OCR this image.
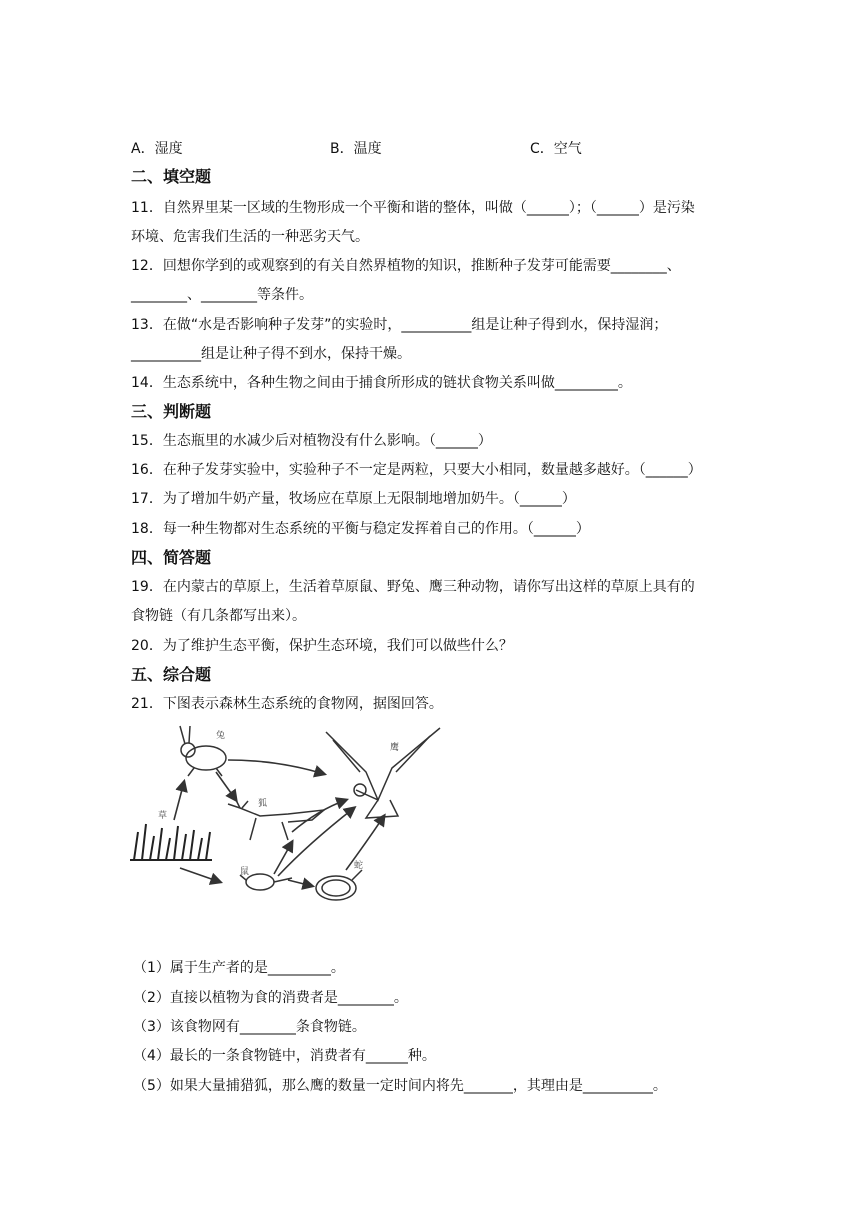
A．湿度	B．温度	C．空气
二、填空题
11．自然界里某一区域的生物形成一个平衡和谐的整体，叫做（______）；（______）是污染
环境、危害我们生活的一种恶劣天气。
12．回想你学到的或观察到的有关自然界植物的知识，推断种子发芽可能需要________、
________、________等条件。
13．在做“水是否影响种子发芽”的实验时，__________组是让种子得到水，保持湿润；
__________组是让种子得不到水，保持干燥。
14．生态系统中，各种生物之间由于捕食所形成的链状食物关系叫做_________。
三、判断题
15．生态瓶里的水减少后对植物没有什么影响。（______）
16．在种子发芽实验中，实验种子不一定是两粒，只要大小相同，数量越多越好。（______）
17．为了增加牛奶产量，牧场应在草原上无限制地增加奶牛。（______）
18．每一种生物都对生态系统的平衡与稳定发挥着自己的作用。（______）
四、简答题
19．在内蒙古的草原上，生活着草原鼠、野兔、鹰三种动物，请你写出这样的草原上具有的
食物链（有几条都写出来）。
20．为了维护生态平衡，保护生态环境，我们可以做些什么？
五、综合题
21．下图表示森林生态系统的食物网，据图回答。
兔
鹰
狐
草
鼠
蛇
（1）属于生产者的是_________。
（2）直接以植物为食的消费者是________。
（3）该食物网有________条食物链。
（4）最长的一条食物链中，消费者有______种。
（5）如果大量捕猎狐，那么鹰的数量一定时间内将先_______，其理由是__________。
